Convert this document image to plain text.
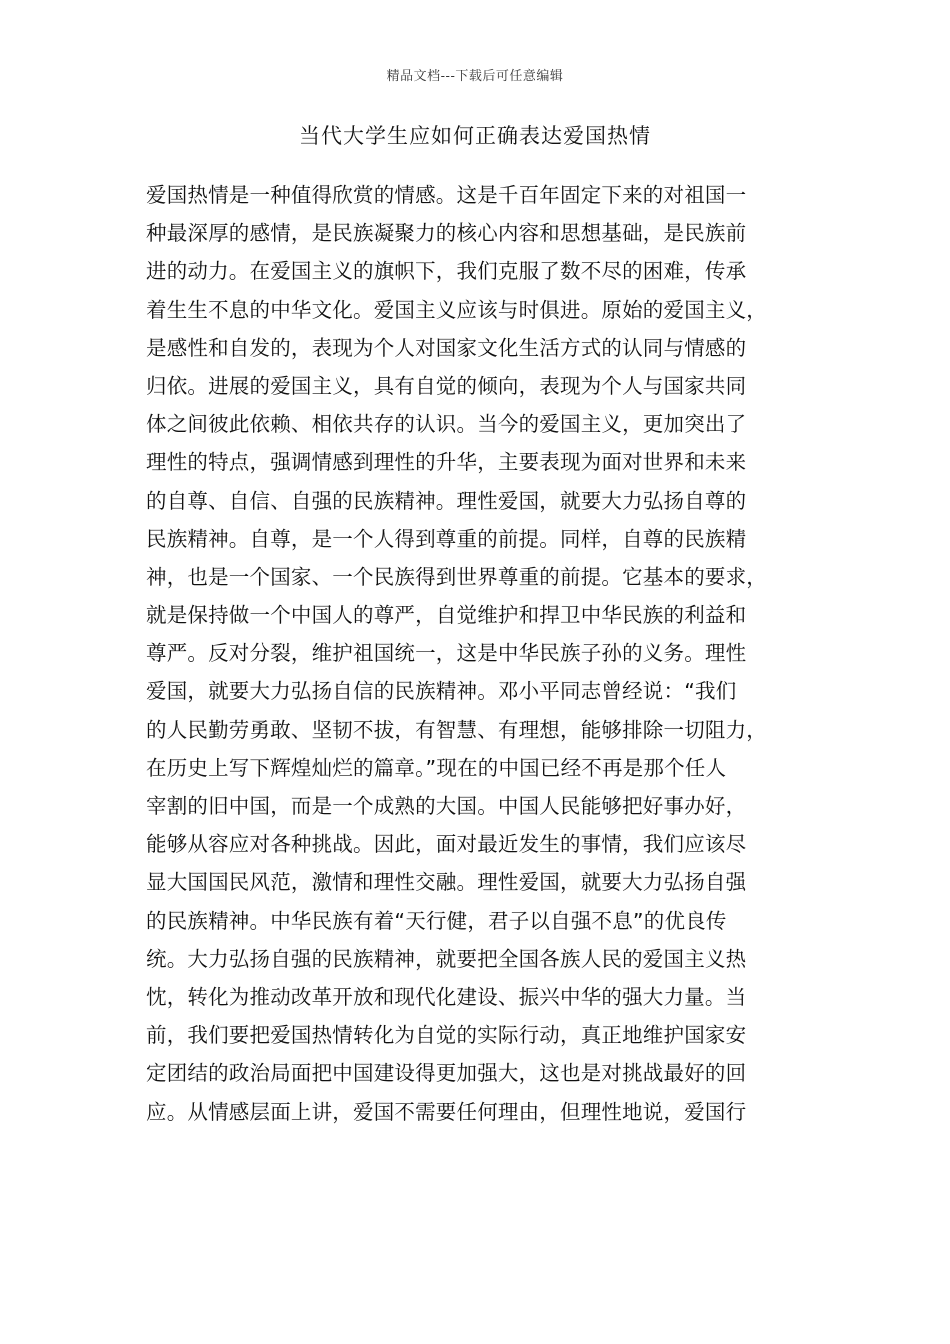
精品文档---下载后可任意编辑
当代大学生应如何正确表达爱国热情
爱国热情是一种值得欣赏的情感。这是千百年固定下来的对祖国一
种最深厚的感情，是民族凝聚力的核心内容和思想基础，是民族前
进的动力。在爱国主义的旗帜下，我们克服了数不尽的困难，传承
着生生不息的中华文化。爱国主义应该与时俱进。原始的爱国主义，
是感性和自发的，表现为个人对国家文化生活方式的认同与情感的
归依。进展的爱国主义，具有自觉的倾向，表现为个人与国家共同
体之间彼此依赖、相依共存的认识。当今的爱国主义，更加突出了
理性的特点，强调情感到理性的升华，主要表现为面对世界和未来
的自尊、自信、自强的民族精神。理性爱国，就要大力弘扬自尊的
民族精神。自尊，是一个人得到尊重的前提。同样，自尊的民族精
神，也是一个国家、一个民族得到世界尊重的前提。它基本的要求，
就是保持做一个中国人的尊严，自觉维护和捍卫中华民族的利益和
尊严。反对分裂，维护祖国统一，这是中华民族子孙的义务。理性
爱国，就要大力弘扬自信的民族精神。邓小平同志曾经说：“我们
的人民勤劳勇敢、坚韧不拔，有智慧、有理想，能够排除一切阻力，
在历史上写下辉煌灿烂的篇章。”现在的中国已经不再是那个任人
宰割的旧中国，而是一个成熟的大国。中国人民能够把好事办好，
能够从容应对各种挑战。因此，面对最近发生的事情，我们应该尽
显大国国民风范，激情和理性交融。理性爱国，就要大力弘扬自强
的民族精神。中华民族有着“天行健，君子以自强不息”的优良传
统。大力弘扬自强的民族精神，就要把全国各族人民的爱国主义热
忱，转化为推动改革开放和现代化建设、振兴中华的强大力量。当
前，我们要把爱国热情转化为自觉的实际行动，真正地维护国家安
定团结的政治局面把中国建设得更加强大，这也是对挑战最好的回
应。从情感层面上讲，爱国不需要任何理由，但理性地说，爱国行
